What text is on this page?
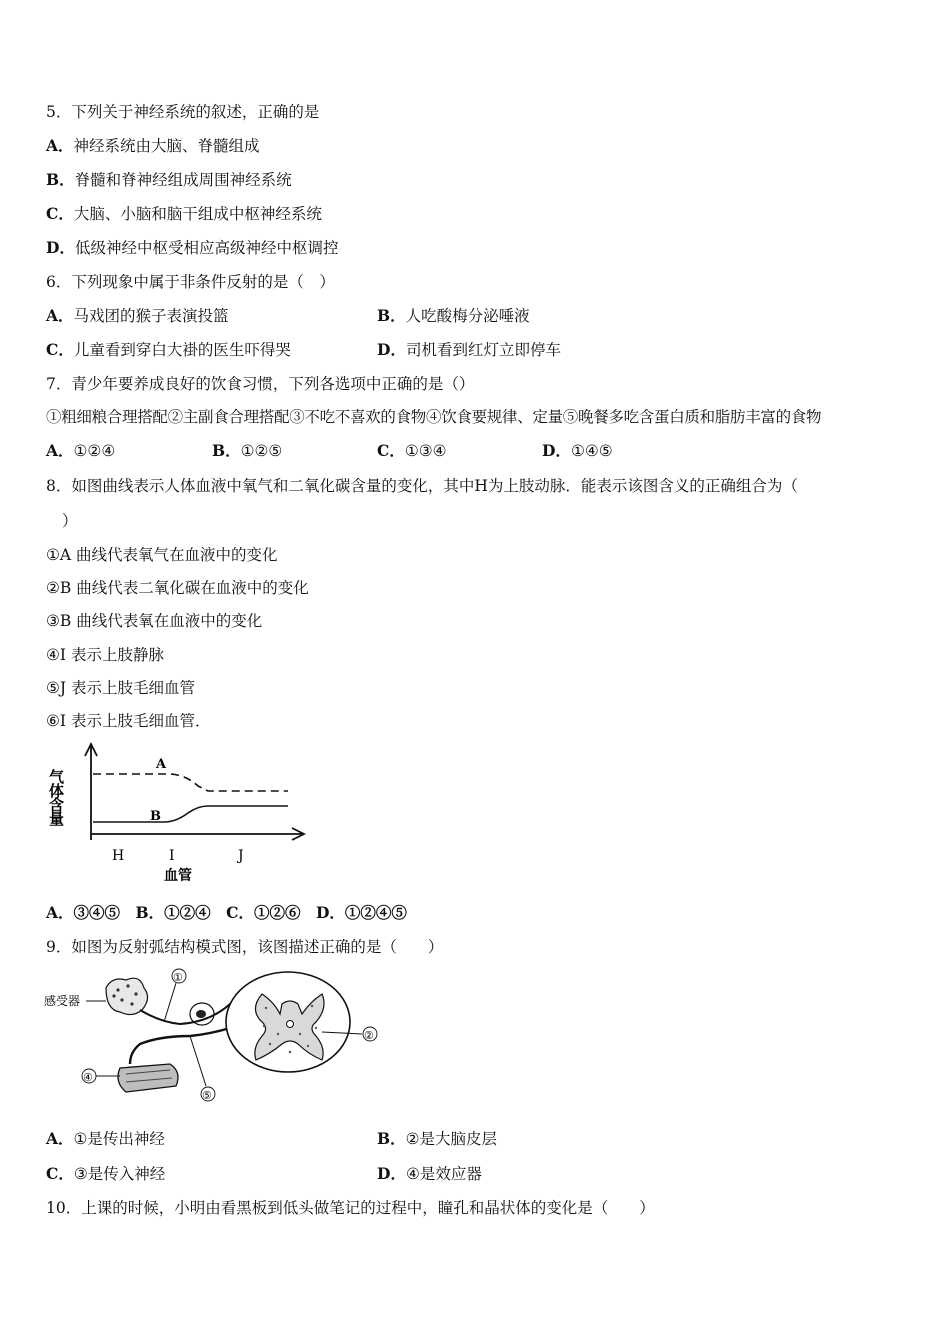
5．下列关于神经系统的叙述，正确的是
A．神经系统由大脑、脊髓组成
B．脊髓和脊神经组成周围神经系统
C．大脑、小脑和脑干组成中枢神经系统
D．低级神经中枢受相应高级神经中枢调控
6．下列现象中属于非条件反射的是（　）
A．马戏团的猴子表演投篮	B．人吃酸梅分泌唾液
C．儿童看到穿白大褂的医生吓得哭	D．司机看到红灯立即停车
7．青少年要养成良好的饮食习惯，下列各选项中正确的是（）
①粗细粮合理搭配②主副食合理搭配③不吃不喜欢的食物④饮食要规律、定量⑤晚餐多吃含蛋白质和脂肪丰富的食物
A．①②④	B．①②⑤	C．①③④	D．①④⑤
8．如图曲线表示人体血液中氧气和二氧化碳含量的变化，其中H为上肢动脉．能表示该图含义的正确组合为（
）
①A 曲线代表氧气在血液中的变化
②B 曲线代表二氧化碳在血液中的变化
③B 曲线代表氧在血液中的变化
④I 表示上肢静脉
⑤J 表示上肢毛细血管
⑥I 表示上肢毛细血管．
A
B
气
体
含
量
H	I	J
血管
A．③④⑤　B．①②④　C．①②⑥　D．①②④⑤
9．如图为反射弧结构模式图，该图描述正确的是（　　）
感受器
①
②
④
⑤
A．①是传出神经	B．②是大脑皮层
C．③是传入神经	D．④是效应器
10．上课的时候，小明由看黑板到低头做笔记的过程中，瞳孔和晶状体的变化是（　　）
